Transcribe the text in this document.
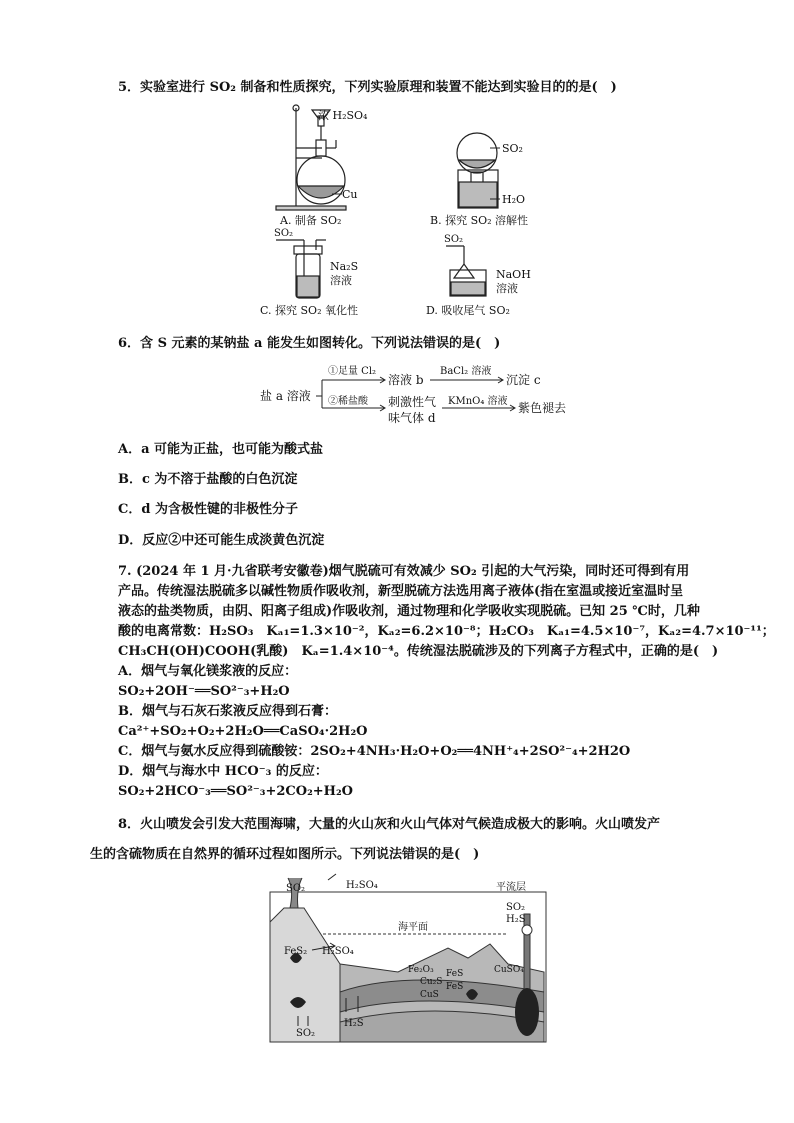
5．实验室进行 SO₂ 制备和性质探究，下列实验原理和装置不能达到实验目的的是(　)
浓 H₂SO₄
Cu
A. 制备 SO₂
SO₂
H₂O
B. 探究 SO₂ 溶解性
SO₂
Na₂S
溶液
C. 探究 SO₂ 氧化性
SO₂
NaOH
溶液
D. 吸收尾气 SO₂
6．含 S 元素的某钠盐 a 能发生如图转化。下列说法错误的是(　)
盐 a 溶液
①足量 Cl₂
溶液 b
BaCl₂ 溶液
沉淀 c
②稀盐酸 刺激性气
味气体 d
KMnO₄ 溶液 紫色褪去
A．a 可能为正盐，也可能为酸式盐
B．c 为不溶于盐酸的白色沉淀
C．d 为含极性键的非极性分子
D．反应②中还可能生成淡黄色沉淀
7. (2024 年 1 月·九省联考安徽卷)烟气脱硫可有效减少 SO₂ 引起的大气污染，同时还可得到有用
产品。传统湿法脱硫多以碱性物质作吸收剂，新型脱硫方法选用离子液体(指在室温或接近室温时呈
液态的盐类物质，由阴、阳离子组成)作吸收剂，通过物理和化学吸收实现脱硫。已知 25 ℃时，几种
酸的电离常数：H₂SO₃　Kₐ₁=1.3×10⁻²，Kₐ₂=6.2×10⁻⁸；H₂CO₃　Kₐ₁=4.5×10⁻⁷，Kₐ₂=4.7×10⁻¹¹；
CH₃CH(OH)COOH(乳酸)　Kₐ=1.4×10⁻⁴。传统湿法脱硫涉及的下列离子方程式中，正确的是(　)
A．烟气与氧化镁浆液的反应：
SO₂+2OH⁻══SO²⁻₃+H₂O
B．烟气与石灰石浆液反应得到石膏：
Ca²⁺+SO₂+O₂+2H₂O══CaSO₄·2H₂O
C．烟气与氨水反应得到硫酸铵：2SO₂+4NH₃·H₂O+O₂══4NH⁺₄+2SO²⁻₄+2H2O
D．烟气与海水中 HCO⁻₃ 的反应：
SO₂+2HCO⁻₃══SO²⁻₃+2CO₂+H₂O
8．火山喷发会引发大范围海啸，大量的火山灰和火山气体对气候造成极大的影响。火山喷发产
生的含硫物质在自然界的循环过程如图所示。下列说法错误的是(　)
SO₂	H₂SO₄	平流层
SO₂
H₂S
海平面
FeS₂ H₂SO₄
Fe₂O₃ FeS
FeS
Cu₂S
CuS
CuSO₄
H₂S
SO₂
